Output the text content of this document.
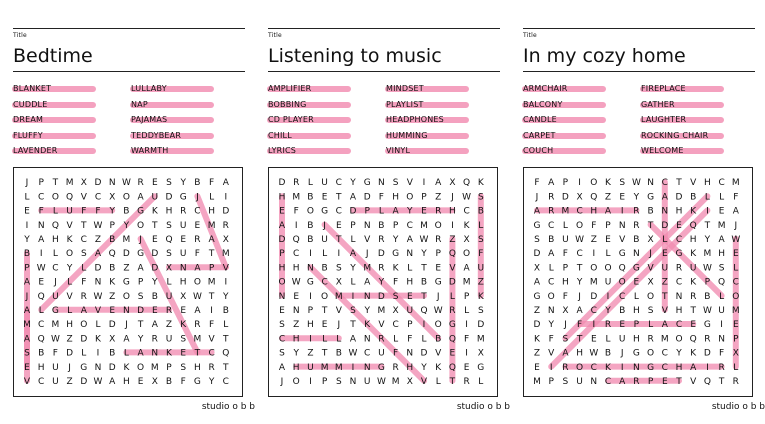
Title
Bedtime
BLANKET
CUDDLE
DREAM
FLUFFY
LAVENDER
LULLABY
NAP
PAJAMAS
TEDDYBEAR
WARMTH
J P T M X D N W R E S Y B F A
L C O Q V C X O A U D G J L I
E F L U F F Y B G K H R C H D
I N Q V T W P Y O T S U E M R
Y A H K C Z B M J E Q E R A X
B I L O S A Q D G D S U F T M
P W C Y L D B Z A D X N A P V
A E J L F N K G P Y L H O M I
J Q U V R W Z O S B U X W T Y
A L G L A V E N D E R E A I B
M C M H O L D J T A Z K R F L
A Q W Z D K X A Y R U S M V T
S B F D L I B L A N K E T C Q
E H U J G N D K O M P S H R T
V C U Z D W A H E X B F G Y C
studio o b b
Title
Listening to music
AMPLIFIER
BOBBING
CD PLAYER
CHILL
LYRICS
MINDSET
PLAYLIST
HEADPHONES
HUMMING
VINYL
D R L U C Y G N S V I A X Q K
H M B E T A D F H O P Z J W S
E F O G C D P L A Y E R H C B
A I B J E P N B P C M O I K L
D Q B U T L V R Y A W R Z X S
P C I L I A J D G N Y P Q O F
H H N B S Y M R K L T E V A U
O W G C X L A Y F H B G D M Z
N E I O M I N D S E T J L P K
E N P T V S Y M X U Q W R L S
S Z H E J T K V C P I O G I D
C H I L L A N R L F L B Q F M
S Y Z T B W C U F N D V E I X
A H U M M I N G R H Y K Q E G
J O I P S N U W M X V L T R L
studio o b b
Title
In my cozy home
ARMCHAIR
BALCONY
CANDLE
CARPET
COUCH
FIREPLACE
GATHER
LAUGHTER
ROCKING CHAIR
WELCOME
F A P I O K S W N C T V H C M
J R D X Q Z E Y G A D B L L F
A R M C H A I R B N H K I E A
G C L O F P N R T D E Q T M J
S B U W Z E V B X L C H Y A W
D A F C I L G N J E G K M H E
X L P T O O Q G V U R U W S L
A C H Y M U O E X Z C K P Q C
G O F J D I C L O T N R B L O
Z N X A C Y B H S V H T W U M
D Y J F I R E P L A C E G I E
K F S T E L U H R M O Q R N P
Z V A H W B J G O C Y K D F X
E I R O C K I N G C H A I R L
M P S U N C A R P E T V Q T R
studio o b b
